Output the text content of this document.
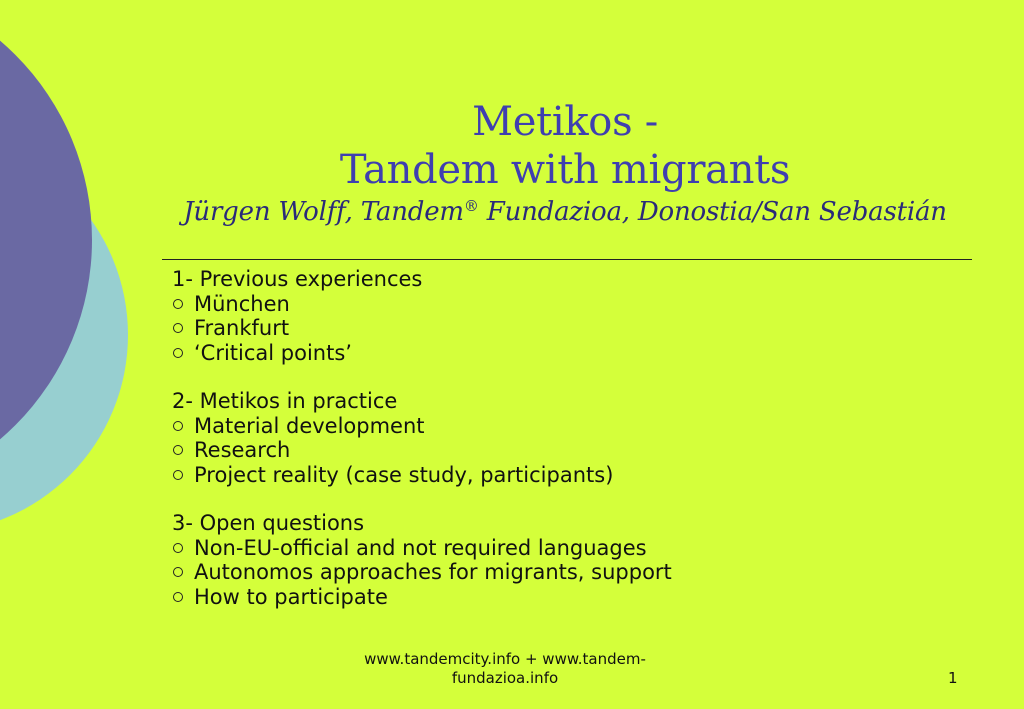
Metikos -
Tandem with migrants
Jürgen Wolff, Tandem® Fundazioa, Donostia/San Sebastián
1- Previous experiences
München
Frankfurt
‘Critical points’
2- Metikos in practice
Material development
Research
Project reality (case study, participants)
3- Open questions
Non-EU-official and not required languages
Autonomos approaches for migrants, support
How to participate
www.tandemcity.info + www.tandem-
fundazioa.info	1
